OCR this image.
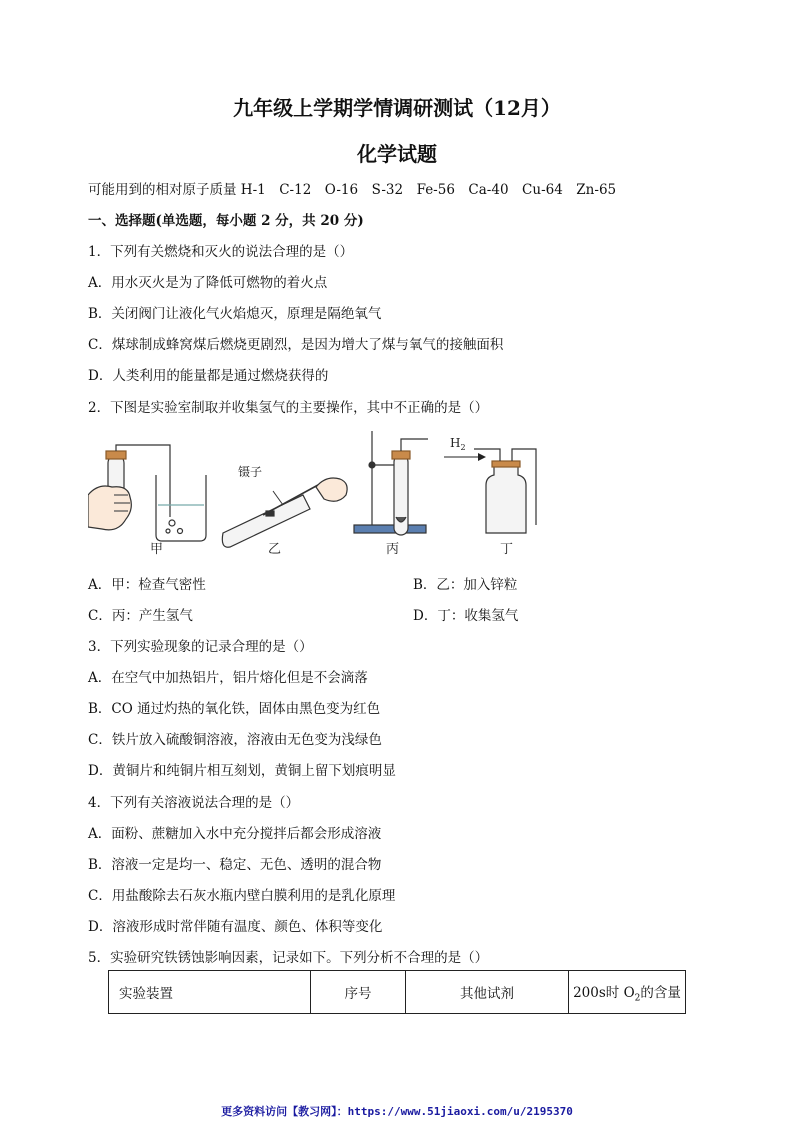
九年级上学期学情调研测试（12月）
化学试题
可能用到的相对原子质量 H-1　C-12　O-16　S-32　Fe-56　Ca-40　Cu-64　Zn-65
一、选择题(单选题，每小题 2 分，共 20 分)
1．下列有关燃烧和灭火的说法合理的是（）
A．用水灭火是为了降低可燃物的着火点
B．关闭阀门让液化气火焰熄灭，原理是隔绝氧气
C．煤球制成蜂窝煤后燃烧更剧烈，是因为增大了煤与氧气的接触面积
D．人类利用的能量都是通过燃烧获得的
2．下图是实验室制取并收集氢气的主要操作，其中不正确的是（）
镊子
$H_2$
甲	乙	丙	丁
A．甲：检查气密性	B．乙：加入锌粒
C．丙：产生氢气	D．丁：收集氢气
3．下列实验现象的记录合理的是（）
A．在空气中加热铝片，铝片熔化但是不会滴落
B．CO 通过灼热的氧化铁，固体由黑色变为红色
C．铁片放入硫酸铜溶液，溶液由无色变为浅绿色
D．黄铜片和纯铜片相互刻划，黄铜上留下划痕明显
4．下列有关溶液说法合理的是（）
A．面粉、蔗糖加入水中充分搅拌后都会形成溶液
B．溶液一定是均一、稳定、无色、透明的混合物
C．用盐酸除去石灰水瓶内壁白膜利用的是乳化原理
D．溶液形成时常伴随有温度、颜色、体积等变化
5．实验研究铁锈蚀影响因素，记录如下。下列分析不合理的是（）
实验装置	序号	其他试剂	200s时 $O_2$的含量
更多资料访问【教习网】：https://www.51jiaoxi.com/u/2195370
